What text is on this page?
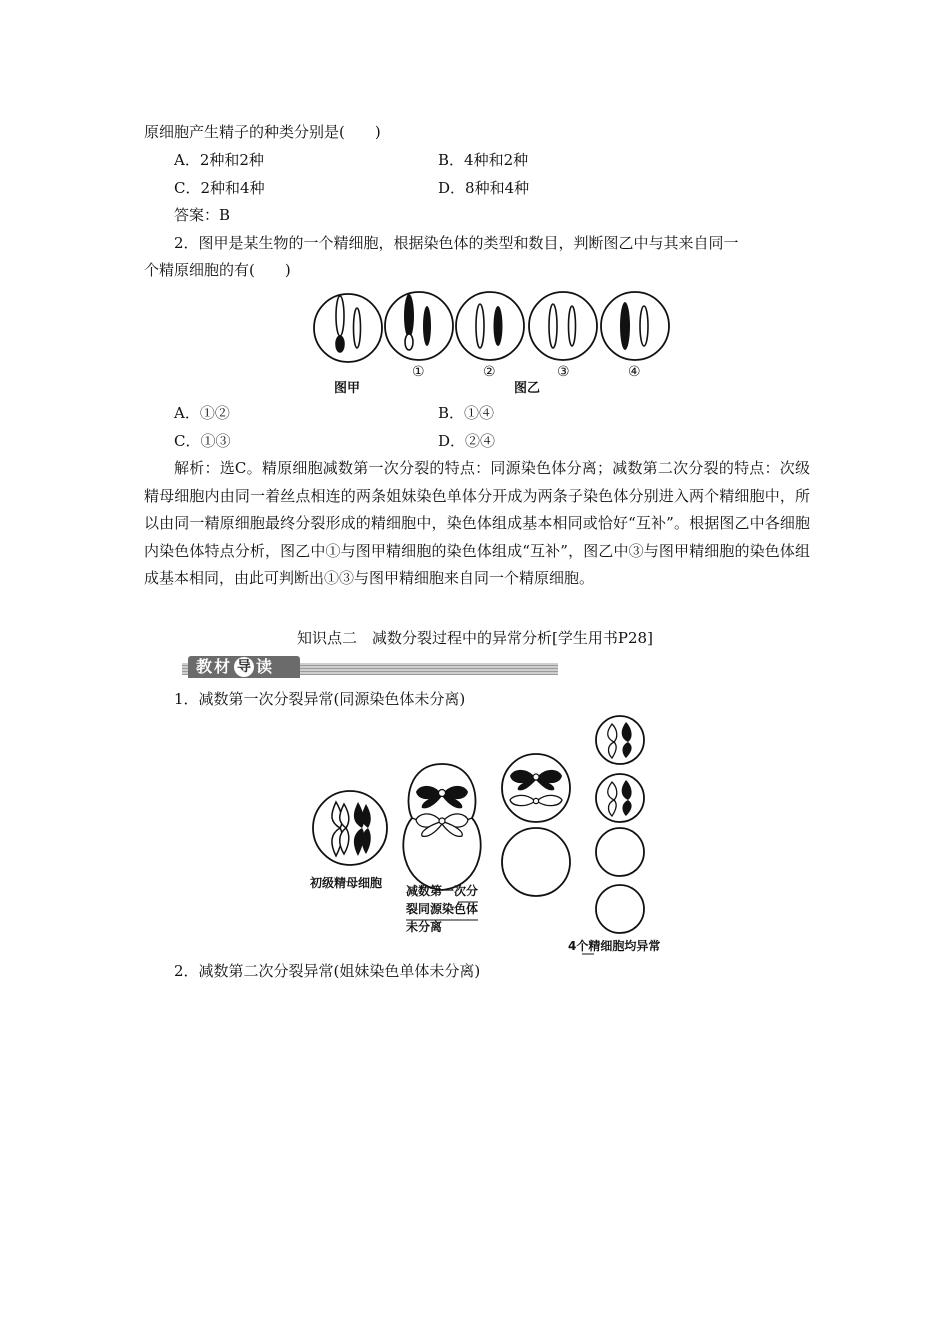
原细胞产生精子的种类分别是(　　)
A．2种和2种	B．4种和2种
C．2种和4种	D．8种和4种
答案：B
2．图甲是某生物的一个精细胞，根据染色体的类型和数目，判断图乙中与其来自同一
个精原细胞的有(　　)
图甲
①	②	③	④
图乙
A．①②	B．①④
C．①③	D．②④
解析：选C。精原细胞减数第一次分裂的特点：同源染色体分离；减数第二次分裂的特点：次级精母细胞内由同一着丝点相连的两条姐妹染色单体分开成为两条子染色体分别进入两个精细胞中，所以由同一精原细胞最终分裂形成的精细胞中，染色体组成基本相同或恰好“互补”。根据图乙中各细胞内染色体特点分析，图乙中①与图甲精细胞的染色体组成“互补”，图乙中③与图甲精细胞的染色体组成基本相同，由此可判断出①③与图甲精细胞来自同一个精原细胞。
知识点二　减数分裂过程中的异常分析[学生用书P28]
教材 导 读
1．减数第一次分裂异常(同源染色体未分离)
初级精母细胞
减数第一次分
裂同源染色体
未分离
4个精细胞均异常
2．减数第二次分裂异常(姐妹染色单体未分离)
